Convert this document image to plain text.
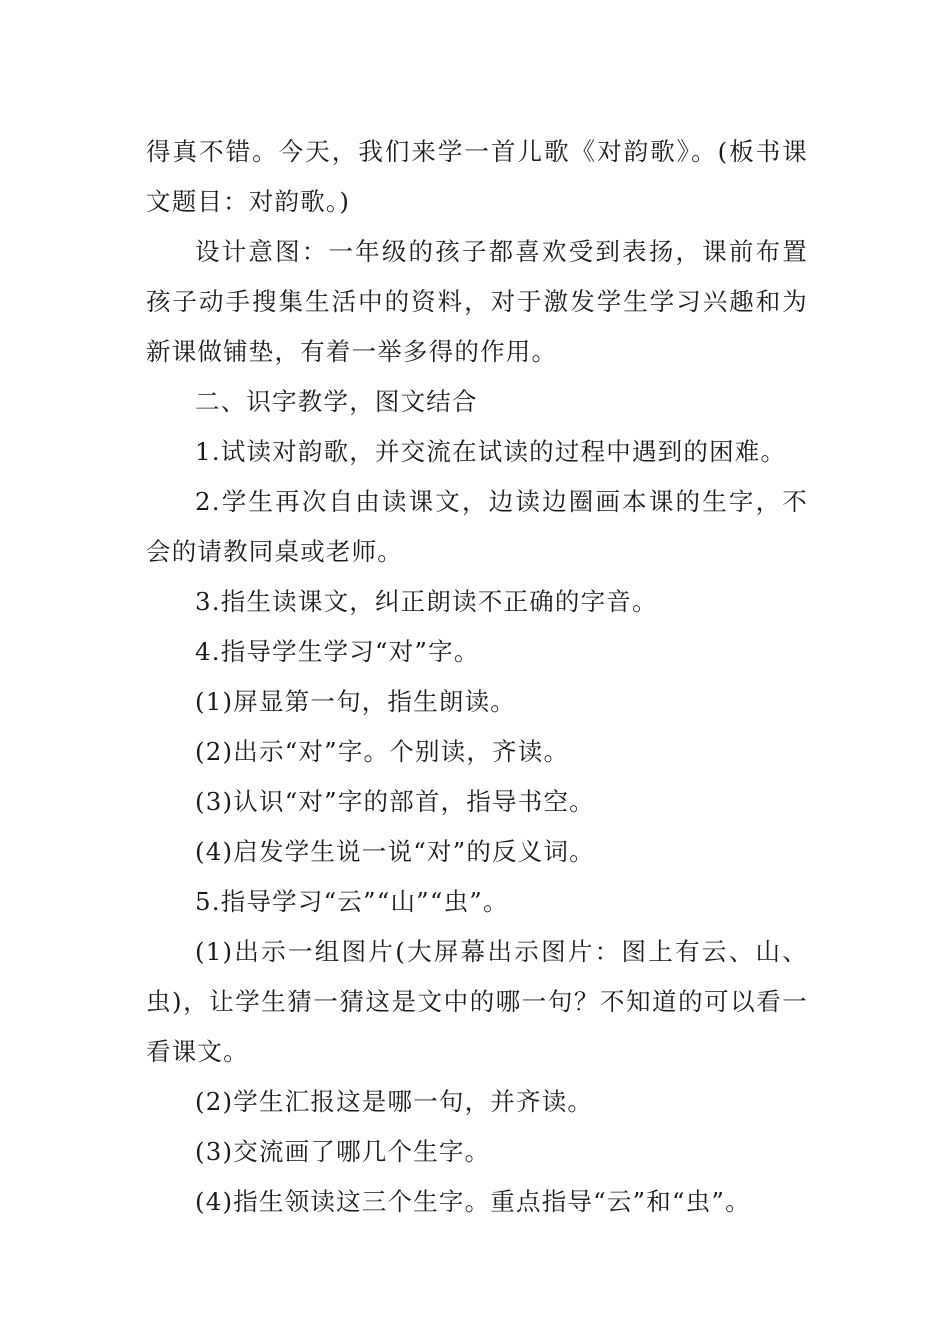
得真不错。今天，我们来学一首儿歌《对韵歌》。(板书课文题目：对韵歌。)

设计意图：一年级的孩子都喜欢受到表扬，课前布置孩子动手搜集生活中的资料，对于激发学生学习兴趣和为新课做铺垫，有着一举多得的作用。

二、识字教学，图文结合

1.试读对韵歌，并交流在试读的过程中遇到的困难。

2.学生再次自由读课文，边读边圈画本课的生字，不会的请教同桌或老师。

3.指生读课文，纠正朗读不正确的字音。

4.指导学生学习“对”字。

(1)屏显第一句，指生朗读。

(2)出示“对”字。个别读，齐读。

(3)认识“对”字的部首，指导书空。

(4)启发学生说一说“对”的反义词。

5.指导学习“云”“山”“虫”。

(1)出示一组图片(大屏幕出示图片：图上有云、山、虫)，让学生猜一猜这是文中的哪一句？不知道的可以看一看课文。

(2)学生汇报这是哪一句，并齐读。

(3)交流画了哪几个生字。

(4)指生领读这三个生字。重点指导“云”和“虫”。
